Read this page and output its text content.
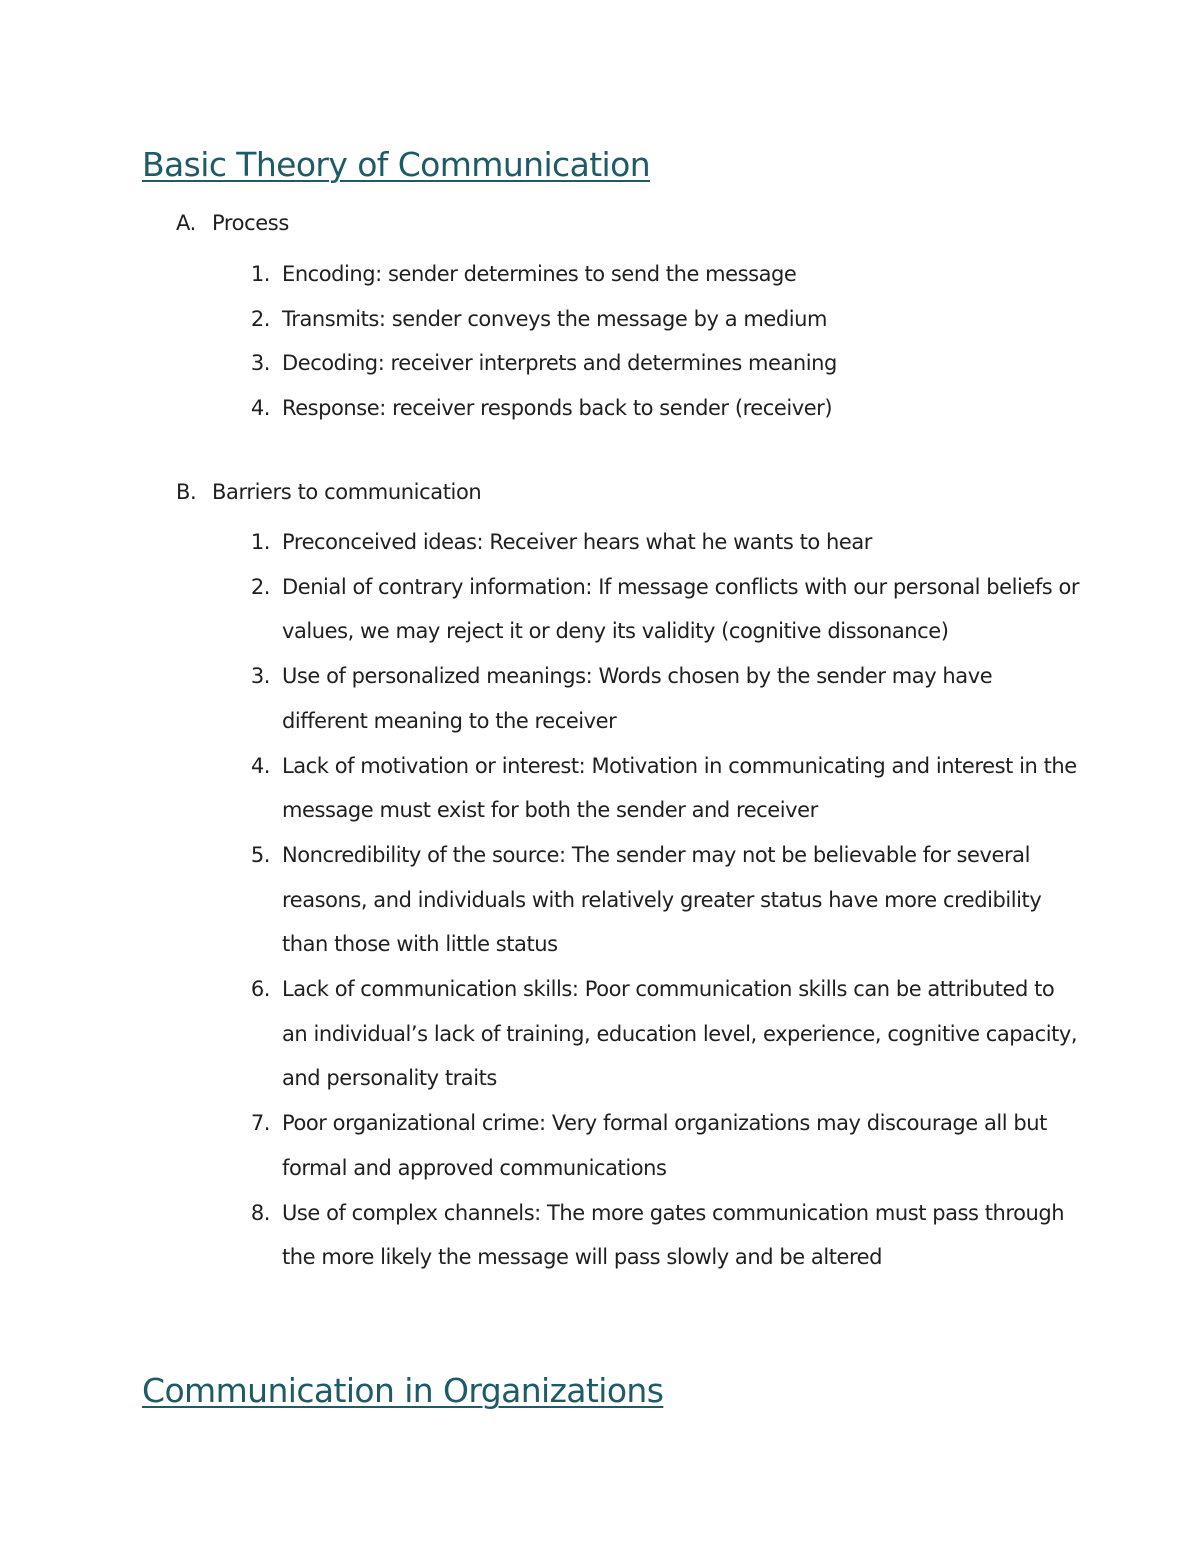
Basic Theory of Communication
A. Process
1. Encoding: sender determines to send the message
2. Transmits: sender conveys the message by a medium
3. Decoding: receiver interprets and determines meaning
4. Response: receiver responds back to sender (receiver)
B. Barriers to communication
1. Preconceived ideas: Receiver hears what he wants to hear
2. Denial of contrary information: If message conflicts with our personal beliefs or values, we may reject it or deny its validity (cognitive dissonance)
3. Use of personalized meanings: Words chosen by the sender may have different meaning to the receiver
4. Lack of motivation or interest: Motivation in communicating and interest in the message must exist for both the sender and receiver
5. Noncredibility of the source: The sender may not be believable for several reasons, and individuals with relatively greater status have more credibility than those with little status
6. Lack of communication skills: Poor communication skills can be attributed to an individual’s lack of training, education level, experience, cognitive capacity, and personality traits
7. Poor organizational crime: Very formal organizations may discourage all but formal and approved communications
8. Use of complex channels: The more gates communication must pass through the more likely the message will pass slowly and be altered
Communication in Organizations
